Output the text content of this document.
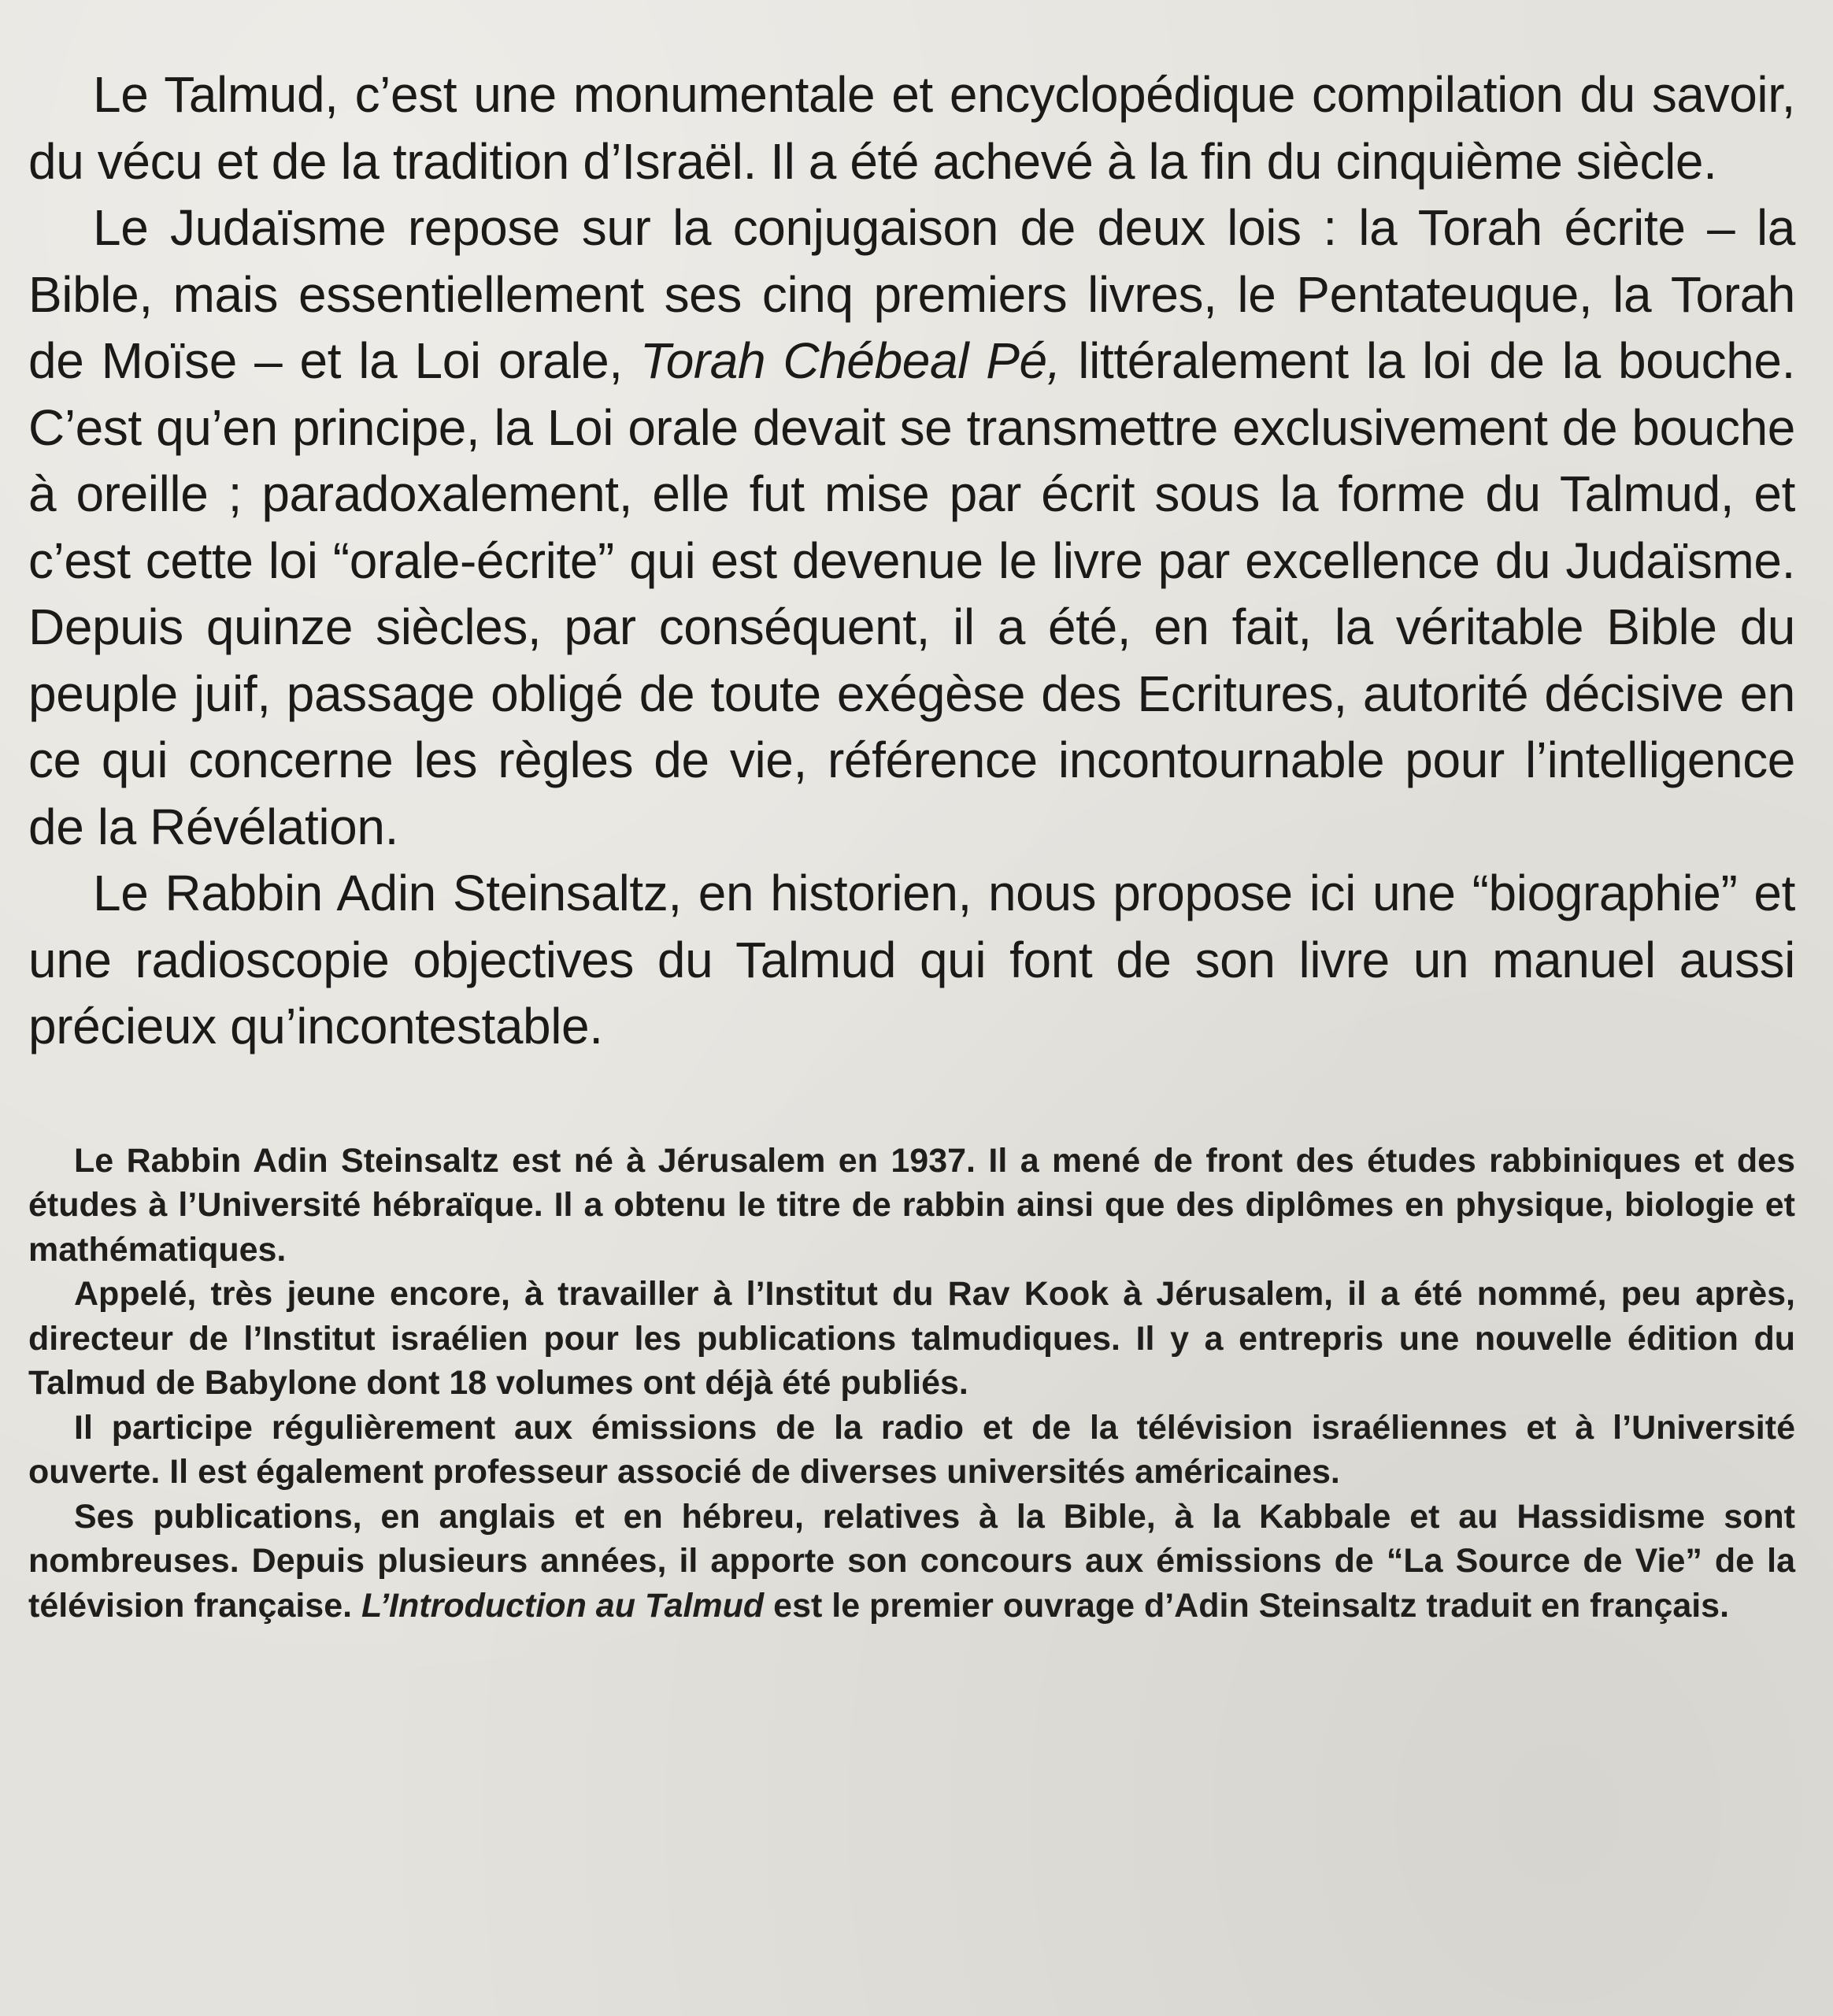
Le Talmud, c’est une monumentale et encyclopédique compilation du savoir, du vécu et de la tradition d’Israël. Il a été achevé à la fin du cinquième siècle.

Le Judaïsme repose sur la conjugaison de deux lois : la Torah écrite – la Bible, mais essentiellement ses cinq premiers livres, le Pentateuque, la Torah de Moïse – et la Loi orale, Torah Chébeal Pé, littéralement la loi de la bouche. C’est qu’en principe, la Loi orale devait se transmettre exclusivement de bouche à oreille ; paradoxalement, elle fut mise par écrit sous la forme du Talmud, et c’est cette loi “orale-écrite” qui est devenue le livre par excellence du Judaïsme. Depuis quinze siècles, par conséquent, il a été, en fait, la véritable Bible du peuple juif, passage obligé de toute exégèse des Ecritures, autorité décisive en ce qui concerne les règles de vie, référence incontournable pour l’intelligence de la Révélation.

Le Rabbin Adin Steinsaltz, en historien, nous propose ici une “biographie” et une radioscopie objectives du Talmud qui font de son livre un manuel aussi précieux qu’incontestable.

Le Rabbin Adin Steinsaltz est né à Jérusalem en 1937. Il a mené de front des études rabbiniques et des études à l’Université hébraïque. Il a obtenu le titre de rabbin ainsi que des diplômes en physique, biologie et mathématiques.

Appelé, très jeune encore, à travailler à l’Institut du Rav Kook à Jérusalem, il a été nommé, peu après, directeur de l’Institut israélien pour les publications talmudiques. Il y a entrepris une nouvelle édition du Talmud de Babylone dont 18 volumes ont déjà été publiés.

Il participe régulièrement aux émissions de la radio et de la télévision israéliennes et à l’Université ouverte. Il est également professeur associé de diverses universités américaines.

Ses publications, en anglais et en hébreu, relatives à la Bible, à la Kabbale et au Hassidisme sont nombreuses. Depuis plusieurs années, il apporte son concours aux émissions de “La Source de Vie” de la télévision française. L’Introduction au Talmud est le premier ouvrage d’Adin Steinsaltz traduit en français.
